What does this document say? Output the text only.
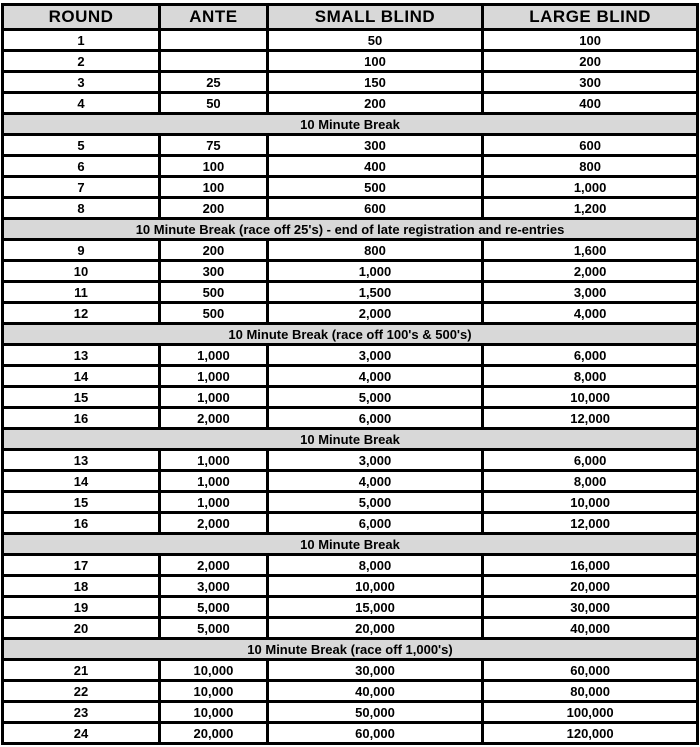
ROUND	ANTE	SMALL BLIND	LARGE BLIND
1		50	100
2		100	200
3	25	150	300
4	50	200	400
10 Minute Break			
5	75	300	600
6	100	400	800
7	100	500	1,000
8	200	600	1,200
10 Minute Break (race off 25's) - end of late registration and re-entries			
9	200	800	1,600
10	300	1,000	2,000
11	500	1,500	3,000
12	500	2,000	4,000
10 Minute Break (race off 100's & 500's)			
13	1,000	3,000	6,000
14	1,000	4,000	8,000
15	1,000	5,000	10,000
16	2,000	6,000	12,000
10 Minute Break			
13	1,000	3,000	6,000
14	1,000	4,000	8,000
15	1,000	5,000	10,000
16	2,000	6,000	12,000
10 Minute Break			
17	2,000	8,000	16,000
18	3,000	10,000	20,000
19	5,000	15,000	30,000
20	5,000	20,000	40,000
10 Minute Break (race off 1,000's)			
21	10,000	30,000	60,000
22	10,000	40,000	80,000
23	10,000	50,000	100,000
24	20,000	60,000	120,000
